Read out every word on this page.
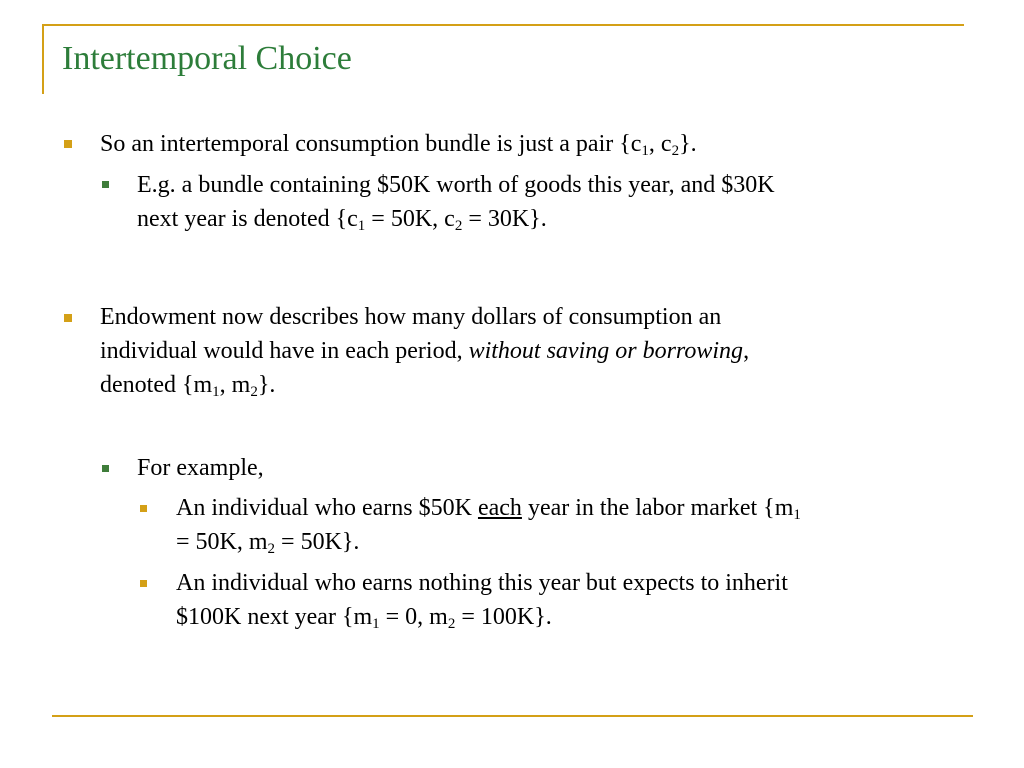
Intertemporal Choice
So an intertemporal consumption bundle is just a pair {$c_1$, $c_2$}.
E.g. a bundle containing $50K worth of goods this year, and $30K next year is denoted {$c_1 = 50K$, $c_2 = 30K$}.
Endowment now describes how many dollars of consumption an individual would have in each period, without saving or borrowing, denoted {$m_1$, $m_2$}.
For example,
An individual who earns $50K each year in the labor market {$m_1 = 50K$, $m_2 = 50K$}.
An individual who earns nothing this year but expects to inherit $100K next year {$m_1 = 0$, $m_2 = 100K$}.
